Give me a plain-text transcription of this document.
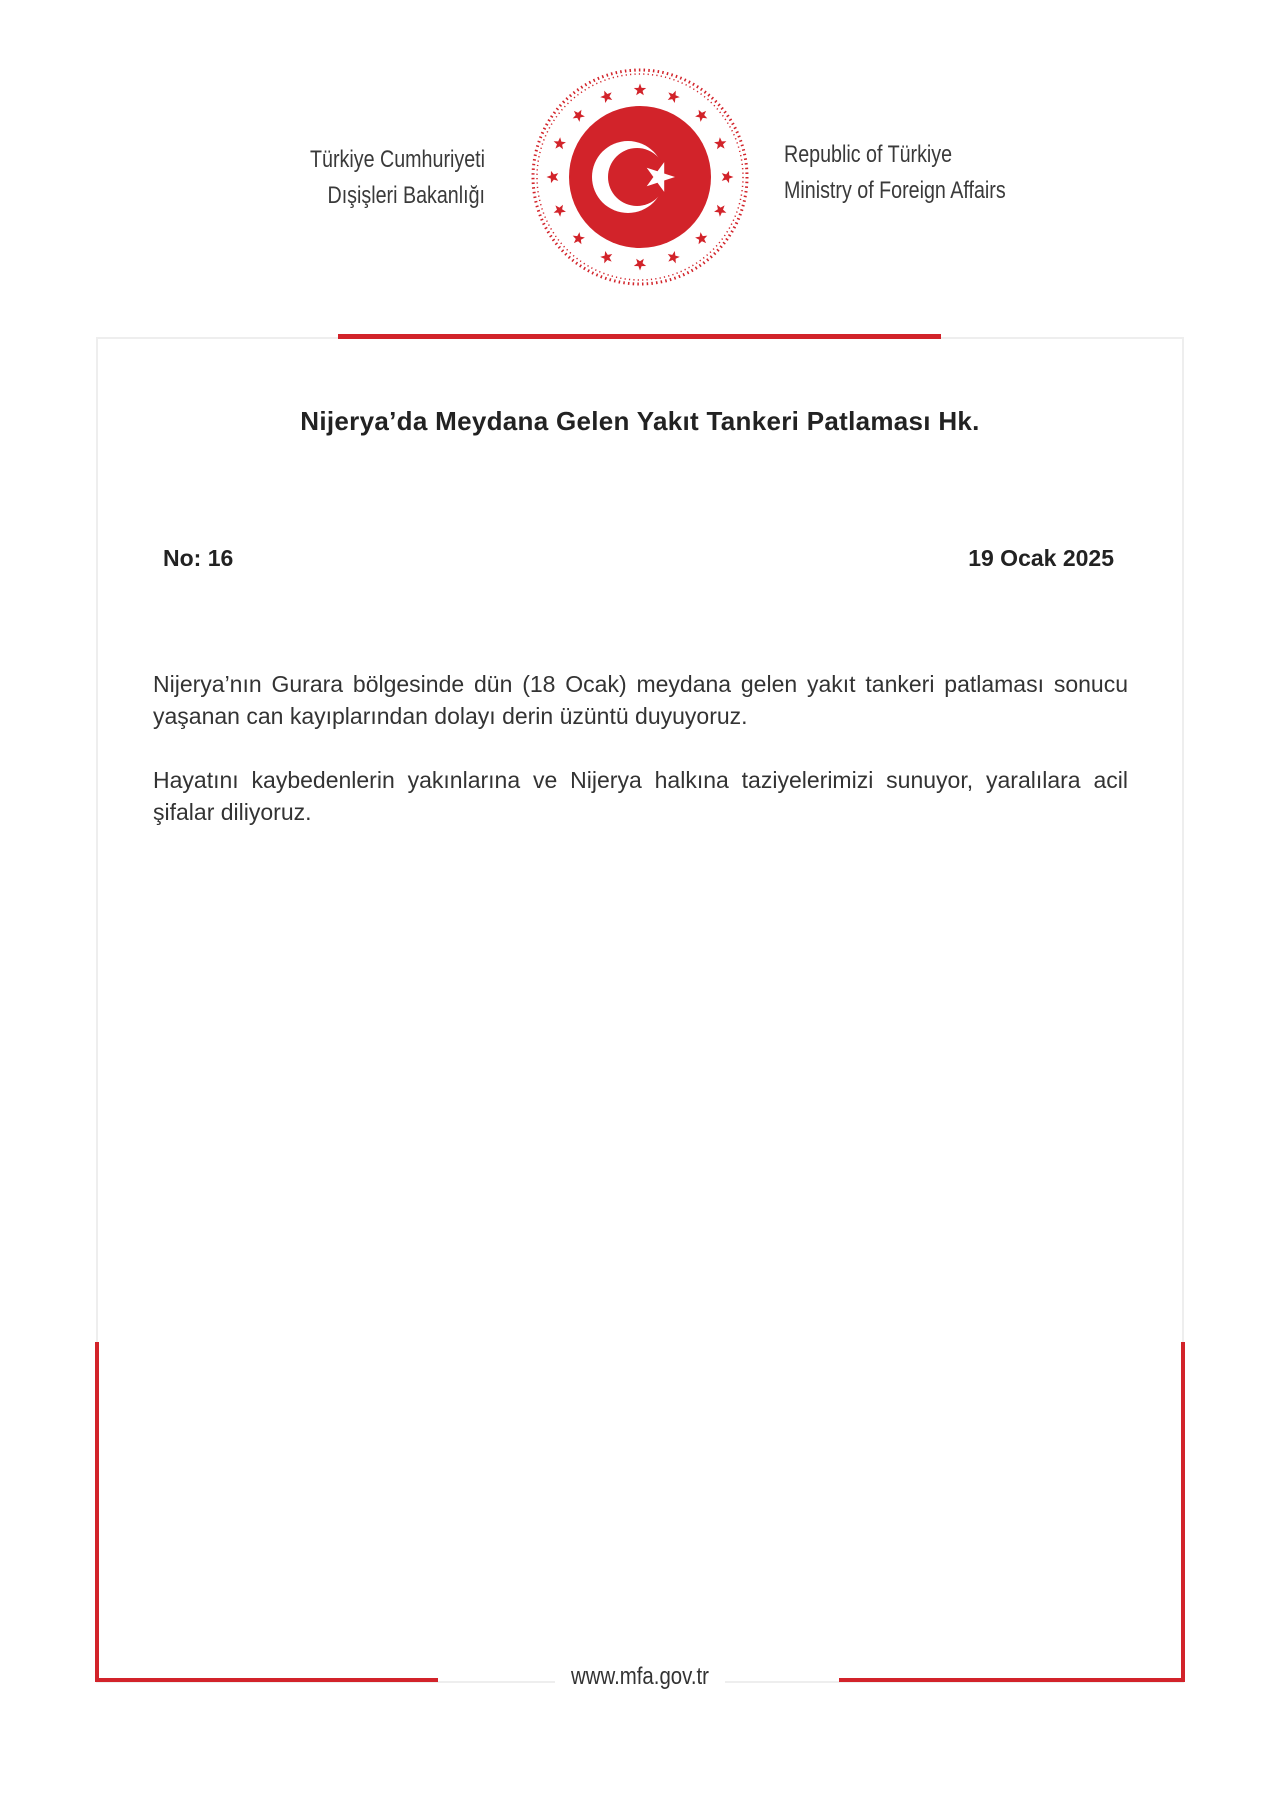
Türkiye Cumhuriyeti
Dışişleri Bakanlığı
Republic of Türkiye
Ministry of Foreign Affairs
Nijerya’da Meydana Gelen Yakıt Tankeri Patlaması Hk.
No: 16	19 Ocak 2025

Nijerya’nın Gurara bölgesinde dün (18 Ocak) meydana gelen yakıt tankeri patlaması sonucu yaşanan can kayıplarından dolayı derin üzüntü duyuyoruz.

Hayatını kaybedenlerin yakınlarına ve Nijerya halkına taziyelerimizi sunuyor, yaralılara acil şifalar diliyoruz.

www.mfa.gov.tr
